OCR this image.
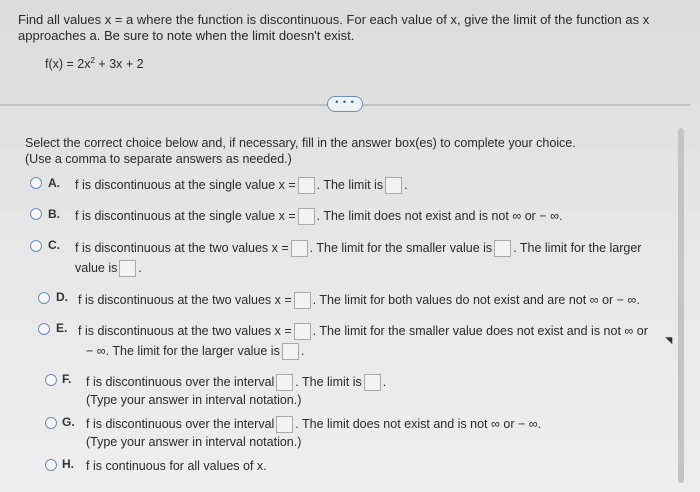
Find all values x = a where the function is discontinuous. For each value of x, give the limit of the function as x approaches a. Be sure to note when the limit doesn't exist.
$f(x) = 2x^2 + 3x + 2$
• • •
Select the correct choice below and, if necessary, fill in the answer box(es) to complete your choice.
(Use a comma to separate answers as needed.)
A. f is discontinuous at the single value x = . The limit is .
B. f is discontinuous at the single value x = . The limit does not exist and is not ∞ or − ∞.
C. f is discontinuous at the two values x = . The limit for the smaller value is . The limit for the larger
value is .
D. f is discontinuous at the two values x = . The limit for both values do not exist and are not ∞ or − ∞.
E. f is discontinuous at the two values x = . The limit for the smaller value does not exist and is not ∞ or
− ∞. The limit for the larger value is .
F. f is discontinuous over the interval . The limit is .
(Type your answer in interval notation.)
G. f is discontinuous over the interval . The limit does not exist and is not ∞ or − ∞.
(Type your answer in interval notation.)
H. f is continuous for all values of x.
